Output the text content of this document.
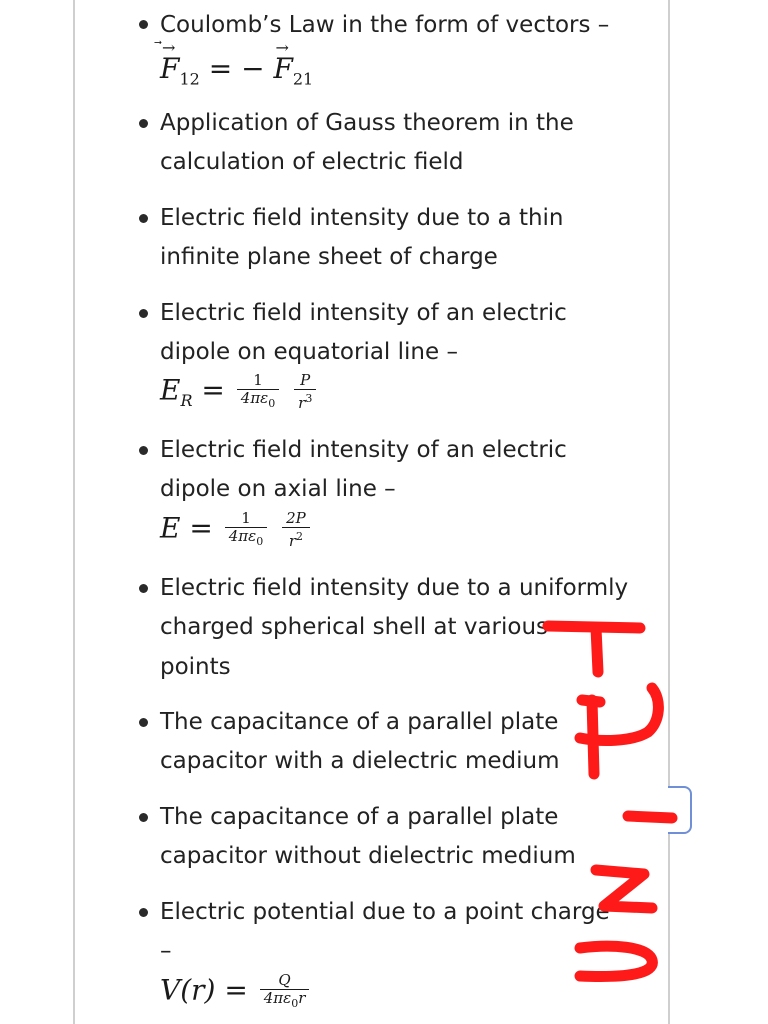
Coulomb’s Law in the form of vectors –
⃗→
$F_{12}$ = −
→
$F_{21}$
Application of Gauss theorem in the
calculation of electric field
Electric field intensity due to a thin
infinite plane sheet of charge
Electric field intensity of an electric
dipole on equatorial line –
$E_R = \frac{1}{4\pi\varepsilon_0}$
$\frac{P}{r^3}$
Electric field intensity of an electric
dipole on axial line –
$E = \frac{1}{4\pi\varepsilon_0}$
$\frac{2P}{r^2}$
Electric field intensity due to a uniformly
charged spherical shell at various
points
The capacitance of a parallel plate
capacitor with a dielectric medium
The capacitance of a parallel plate
capacitor without dielectric medium
Electric potential due to a point charge
–
$V(r) = \frac{Q}{4\pi\varepsilon_0r}$
